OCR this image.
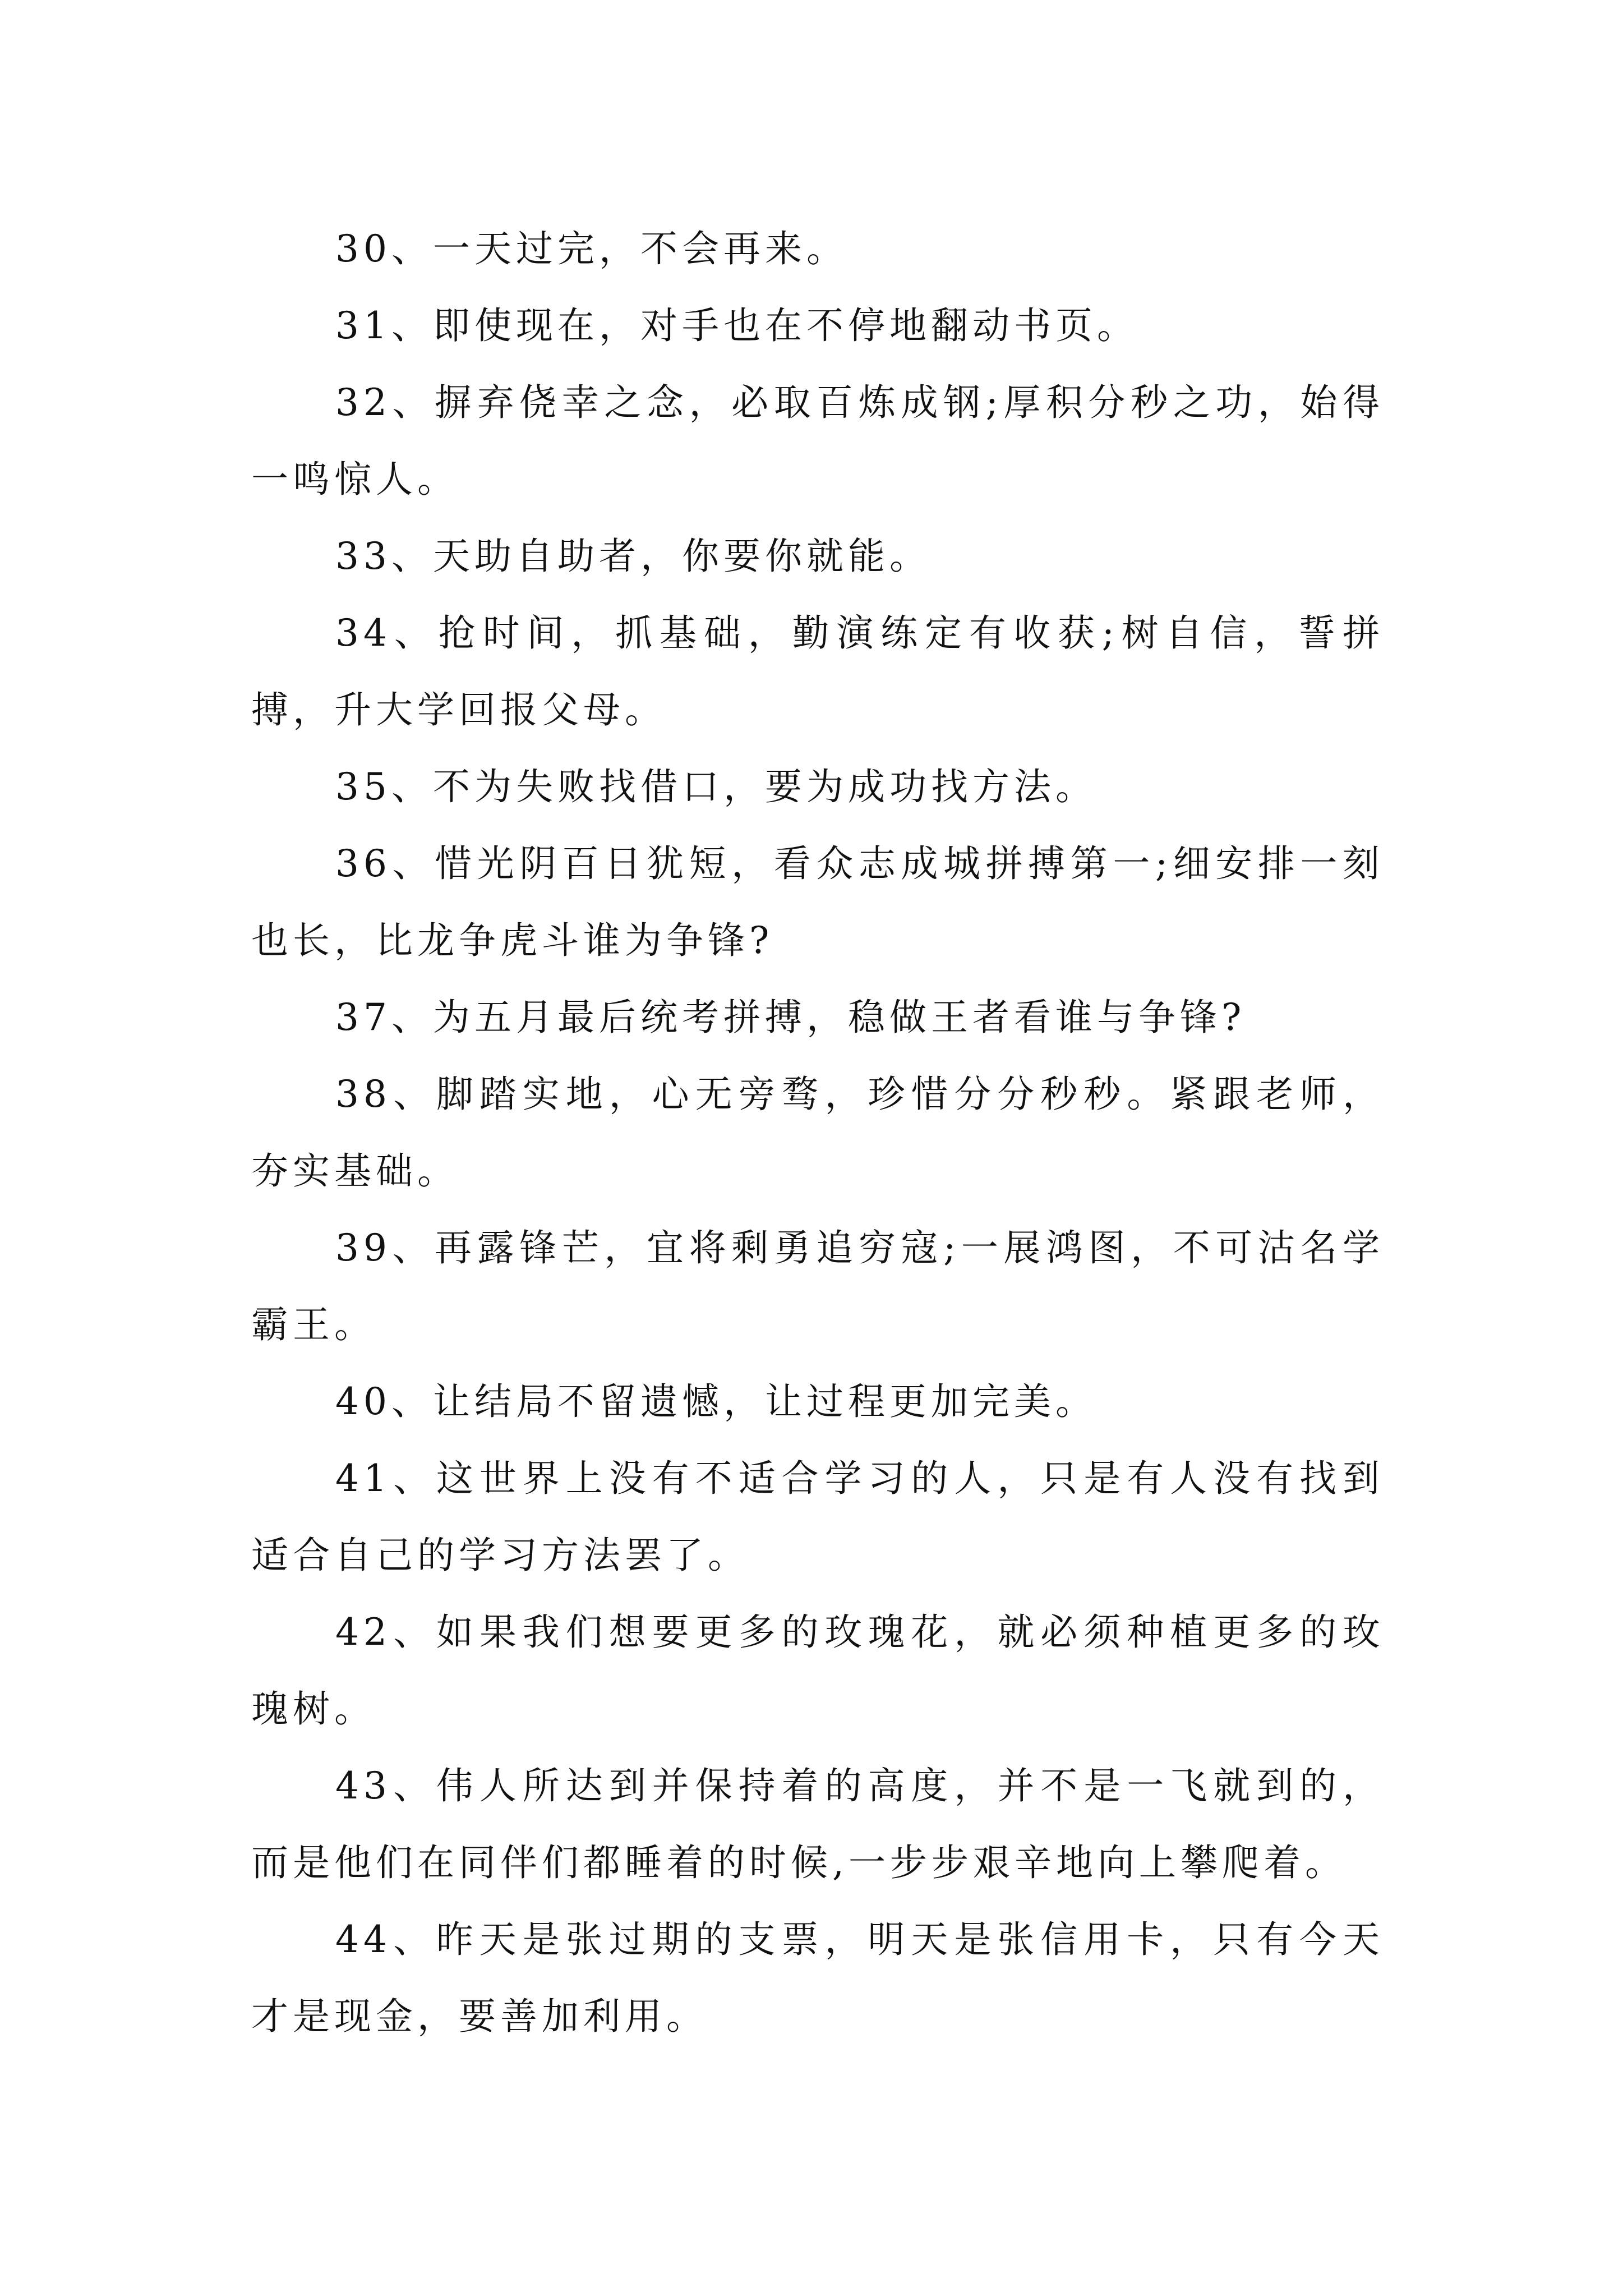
30、一天过完，不会再来。

31、即使现在，对手也在不停地翻动书页。

32、摒弃侥幸之念，必取百炼成钢;厚积分秒之功，始得一鸣惊人。

33、天助自助者，你要你就能。

34、抢时间，抓基础，勤演练定有收获;树自信，誓拼搏，升大学回报父母。

35、不为失败找借口，要为成功找方法。

36、惜光阴百日犹短，看众志成城拼搏第一;细安排一刻也长，比龙争虎斗谁为争锋?

37、为五月最后统考拼搏，稳做王者看谁与争锋?

38、脚踏实地，心无旁骛，珍惜分分秒秒。紧跟老师，夯实基础。

39、再露锋芒，宜将剩勇追穷寇;一展鸿图，不可沽名学霸王。

40、让结局不留遗憾，让过程更加完美。

41、这世界上没有不适合学习的人，只是有人没有找到适合自己的学习方法罢了。

42、如果我们想要更多的玫瑰花，就必须种植更多的玫瑰树。

43、伟人所达到并保持着的高度，并不是一飞就到的，而是他们在同伴们都睡着的时候,一步步艰辛地向上攀爬着。

44、昨天是张过期的支票，明天是张信用卡，只有今天才是现金，要善加利用。
